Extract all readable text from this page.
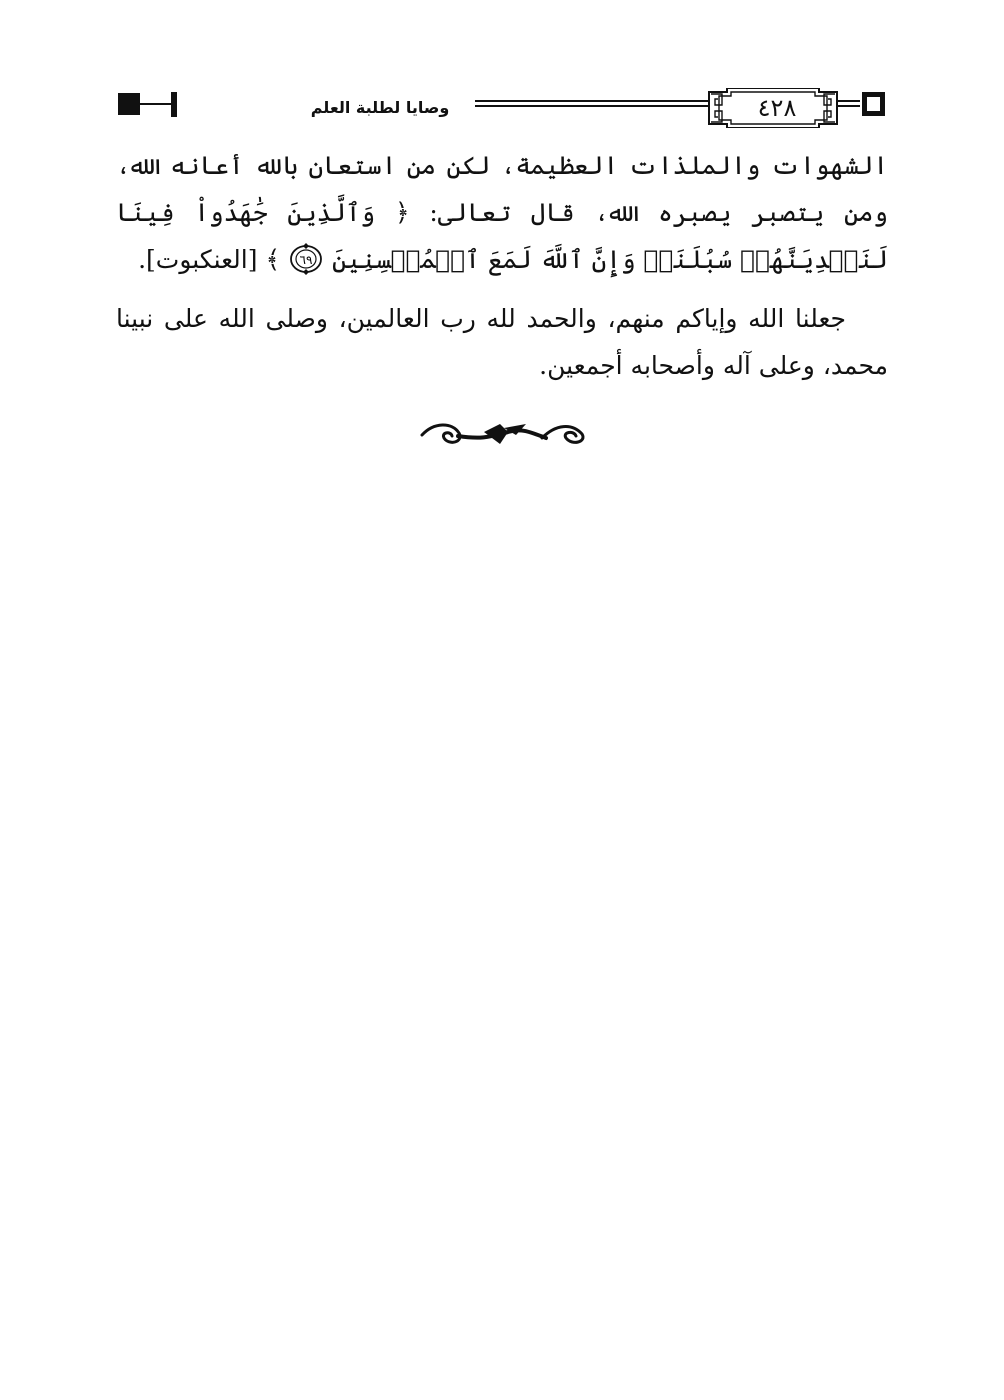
وصايا لطلبة العلم	٤٢٨

الشهوات والملذات العظيمة، لكن من استعان بالله أعانه الله، ومن يتصبر يصبره الله، قال تعالى: ﴿ وَٱلَّذِينَ جَٰهَدُواْ فِينَا لَنَهۡدِيَنَّهُمۡ سُبُلَنَاۚ وَإِنَّ ٱللَّهَ لَمَعَ ٱلۡمُحۡسِنِينَ
٦٩
﴾ [العنكبوت].

جعلنا الله وإياكم منهم، والحمد لله رب العالمين، وصلى الله على نبينا محمد، وعلى آله وأصحابه أجمعين.
